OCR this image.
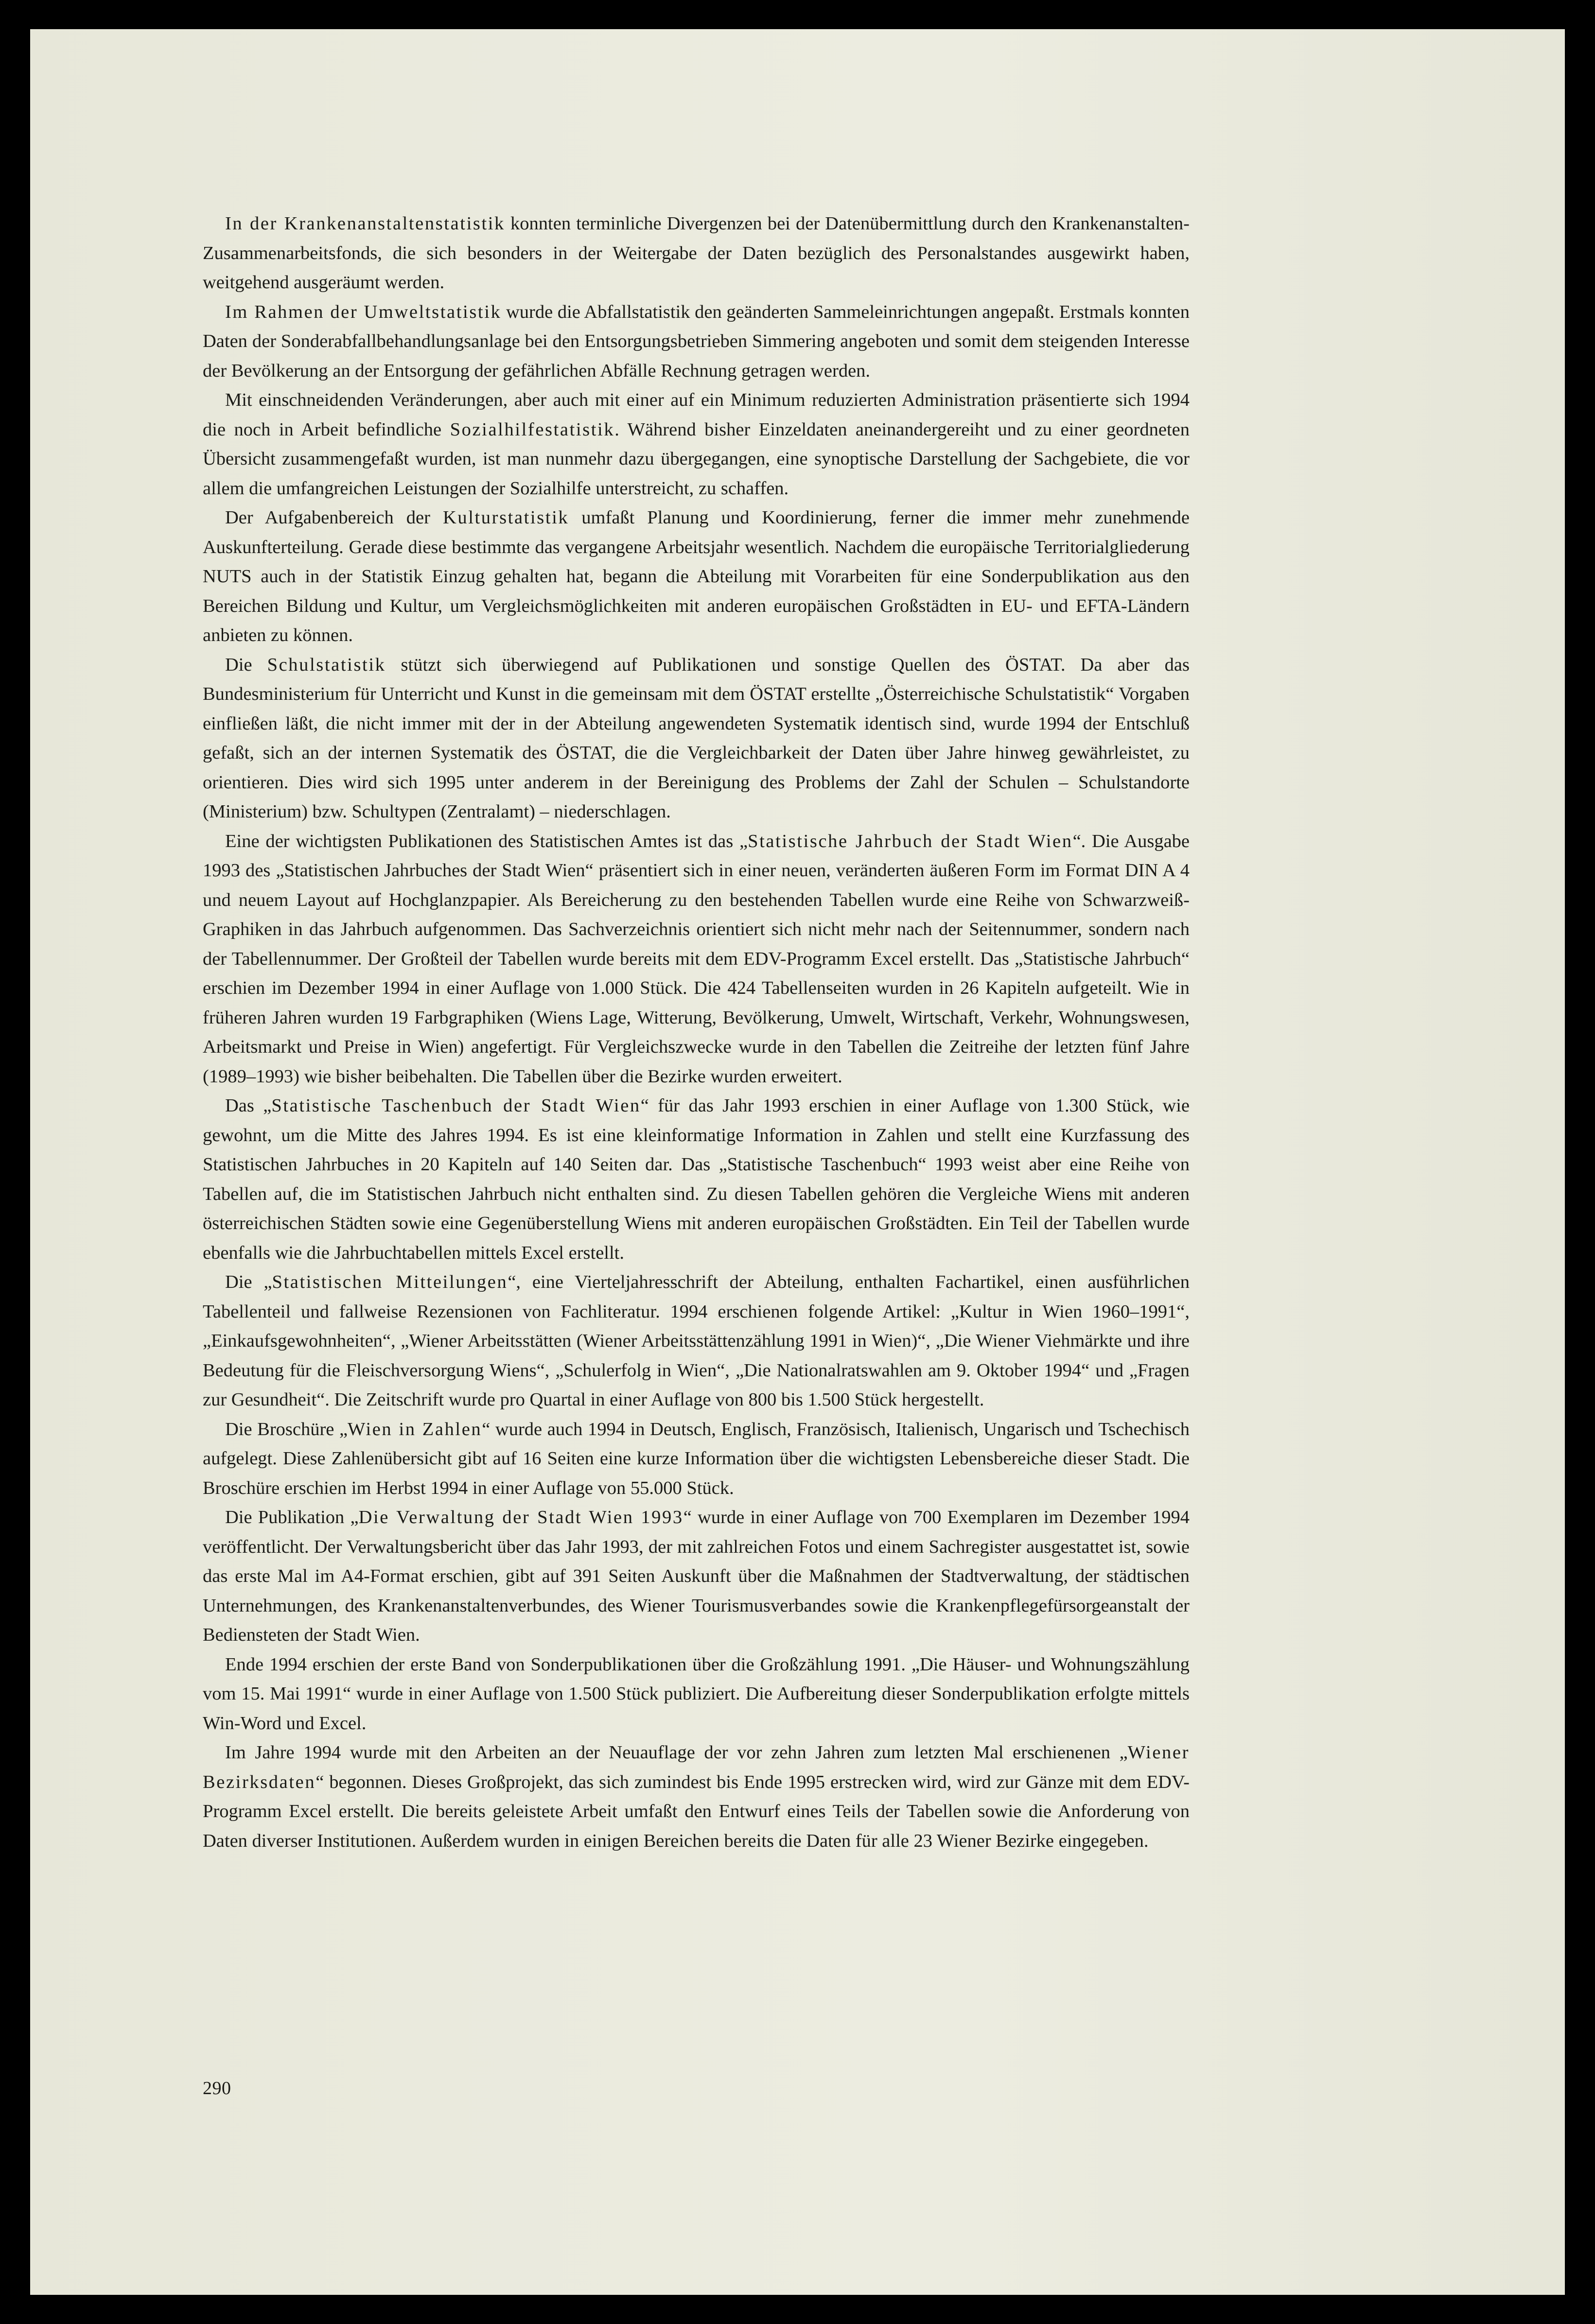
In der Krankenanstaltenstatistik konnten terminliche Divergenzen bei der Datenübermittlung durch den Krankenanstalten-Zusammenarbeitsfonds, die sich besonders in der Weitergabe der Daten bezüglich des Personalstandes ausgewirkt haben, weitgehend ausgeräumt werden.

Im Rahmen der Umweltstatistik wurde die Abfallstatistik den geänderten Sammeleinrichtungen angepaßt. Erstmals konnten Daten der Sonderabfallbehandlungsanlage bei den Entsorgungsbetrieben Simmering angeboten und somit dem steigenden Interesse der Bevölkerung an der Entsorgung der gefährlichen Abfälle Rechnung getragen werden.

Mit einschneidenden Veränderungen, aber auch mit einer auf ein Minimum reduzierten Administration präsentierte sich 1994 die noch in Arbeit befindliche Sozialhilfestatistik. Während bisher Einzeldaten aneinandergereiht und zu einer geordneten Übersicht zusammengefaßt wurden, ist man nunmehr dazu übergegangen, eine synoptische Darstellung der Sachgebiete, die vor allem die umfangreichen Leistungen der Sozialhilfe unterstreicht, zu schaffen.

Der Aufgabenbereich der Kulturstatistik umfaßt Planung und Koordinierung, ferner die immer mehr zunehmende Auskunfterteilung. Gerade diese bestimmte das vergangene Arbeitsjahr wesentlich. Nachdem die europäische Territorialgliederung NUTS auch in der Statistik Einzug gehalten hat, begann die Abteilung mit Vorarbeiten für eine Sonderpublikation aus den Bereichen Bildung und Kultur, um Vergleichsmöglichkeiten mit anderen europäischen Großstädten in EU- und EFTA-Ländern anbieten zu können.

Die Schulstatistik stützt sich überwiegend auf Publikationen und sonstige Quellen des ÖSTAT. Da aber das Bundesministerium für Unterricht und Kunst in die gemeinsam mit dem ÖSTAT erstellte „Österreichische Schulstatistik“ Vorgaben einfließen läßt, die nicht immer mit der in der Abteilung angewendeten Systematik identisch sind, wurde 1994 der Entschluß gefaßt, sich an der internen Systematik des ÖSTAT, die die Vergleichbarkeit der Daten über Jahre hinweg gewährleistet, zu orientieren. Dies wird sich 1995 unter anderem in der Bereinigung des Problems der Zahl der Schulen – Schulstandorte (Ministerium) bzw. Schultypen (Zentralamt) – niederschlagen.

Eine der wichtigsten Publikationen des Statistischen Amtes ist das „Statistische Jahrbuch der Stadt Wien“. Die Ausgabe 1993 des „Statistischen Jahrbuches der Stadt Wien“ präsentiert sich in einer neuen, veränderten äußeren Form im Format DIN A 4 und neuem Layout auf Hochglanzpapier. Als Bereicherung zu den bestehenden Tabellen wurde eine Reihe von Schwarzweiß-Graphiken in das Jahrbuch aufgenommen. Das Sachverzeichnis orientiert sich nicht mehr nach der Seitennummer, sondern nach der Tabellennummer. Der Großteil der Tabellen wurde bereits mit dem EDV-Programm Excel erstellt. Das „Statistische Jahrbuch“ erschien im Dezember 1994 in einer Auflage von 1.000 Stück. Die 424 Tabellenseiten wurden in 26 Kapiteln aufgeteilt. Wie in früheren Jahren wurden 19 Farbgraphiken (Wiens Lage, Witterung, Bevölkerung, Umwelt, Wirtschaft, Verkehr, Wohnungswesen, Arbeitsmarkt und Preise in Wien) angefertigt. Für Vergleichszwecke wurde in den Tabellen die Zeitreihe der letzten fünf Jahre (1989–1993) wie bisher beibehalten. Die Tabellen über die Bezirke wurden erweitert.

Das „Statistische Taschenbuch der Stadt Wien“ für das Jahr 1993 erschien in einer Auflage von 1.300 Stück, wie gewohnt, um die Mitte des Jahres 1994. Es ist eine kleinformatige Information in Zahlen und stellt eine Kurzfassung des Statistischen Jahrbuches in 20 Kapiteln auf 140 Seiten dar. Das „Statistische Taschenbuch“ 1993 weist aber eine Reihe von Tabellen auf, die im Statistischen Jahrbuch nicht enthalten sind. Zu diesen Tabellen gehören die Vergleiche Wiens mit anderen österreichischen Städten sowie eine Gegenüberstellung Wiens mit anderen europäischen Großstädten. Ein Teil der Tabellen wurde ebenfalls wie die Jahrbuchtabellen mittels Excel erstellt.

Die „Statistischen Mitteilungen“, eine Vierteljahresschrift der Abteilung, enthalten Fachartikel, einen ausführlichen Tabellenteil und fallweise Rezensionen von Fachliteratur. 1994 erschienen folgende Artikel: „Kultur in Wien 1960–1991“, „Einkaufsgewohnheiten“, „Wiener Arbeitsstätten (Wiener Arbeitsstättenzählung 1991 in Wien)“, „Die Wiener Viehmärkte und ihre Bedeutung für die Fleischversorgung Wiens“, „Schulerfolg in Wien“, „Die Nationalratswahlen am 9. Oktober 1994“ und „Fragen zur Gesundheit“. Die Zeitschrift wurde pro Quartal in einer Auflage von 800 bis 1.500 Stück hergestellt.

Die Broschüre „Wien in Zahlen“ wurde auch 1994 in Deutsch, Englisch, Französisch, Italienisch, Ungarisch und Tschechisch aufgelegt. Diese Zahlenübersicht gibt auf 16 Seiten eine kurze Information über die wichtigsten Lebensbereiche dieser Stadt. Die Broschüre erschien im Herbst 1994 in einer Auflage von 55.000 Stück.

Die Publikation „Die Verwaltung der Stadt Wien 1993“ wurde in einer Auflage von 700 Exemplaren im Dezember 1994 veröffentlicht. Der Verwaltungsbericht über das Jahr 1993, der mit zahlreichen Fotos und einem Sachregister ausgestattet ist, sowie das erste Mal im A4-Format erschien, gibt auf 391 Seiten Auskunft über die Maßnahmen der Stadtverwaltung, der städtischen Unternehmungen, des Krankenanstaltenverbundes, des Wiener Tourismusverbandes sowie die Krankenpflegefürsorgeanstalt der Bediensteten der Stadt Wien.

Ende 1994 erschien der erste Band von Sonderpublikationen über die Großzählung 1991. „Die Häuser- und Wohnungszählung vom 15. Mai 1991“ wurde in einer Auflage von 1.500 Stück publiziert. Die Aufbereitung dieser Sonderpublikation erfolgte mittels Win-Word und Excel.

Im Jahre 1994 wurde mit den Arbeiten an der Neuauflage der vor zehn Jahren zum letzten Mal erschienenen „Wiener Bezirksdaten“ begonnen. Dieses Großprojekt, das sich zumindest bis Ende 1995 erstrecken wird, wird zur Gänze mit dem EDV-Programm Excel erstellt. Die bereits geleistete Arbeit umfaßt den Entwurf eines Teils der Tabellen sowie die Anforderung von Daten diverser Institutionen. Außerdem wurden in einigen Bereichen bereits die Daten für alle 23 Wiener Bezirke eingegeben.

290
